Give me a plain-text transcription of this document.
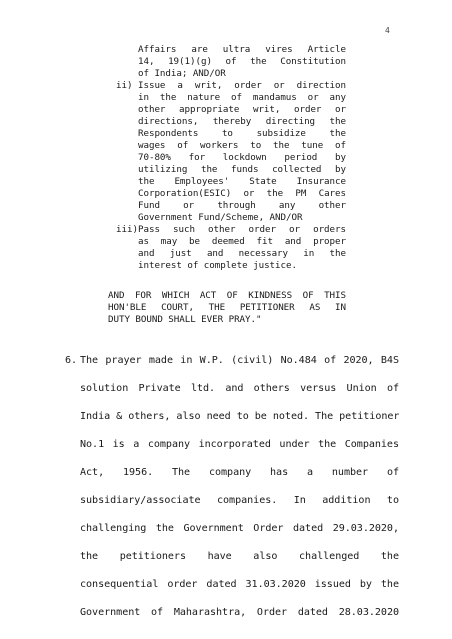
4
Affairs are ultra vires Article
14, 19(1)(g) of the Constitution
of India; AND/OR
ii) Issue a writ, order or direction
in the nature of mandamus or any
other appropriate writ, order or
directions, thereby directing the
Respondents to subsidize the
wages of workers to the tune of
70-80% for lockdown period by
utilizing the funds collected by
the Employees' State Insurance
Corporation(ESIC) or the PM Cares
Fund or through any other
Government Fund/Scheme, AND/OR
iii) Pass such other order or orders
as may be deemed fit and proper
and just and necessary in the
interest of complete justice.
AND FOR WHICH ACT OF KINDNESS OF THIS
HON'BLE COURT, THE PETITIONER AS IN
DUTY BOUND SHALL EVER PRAY."
6. The prayer made in W.P. (civil) No.484 of 2020, B4S
solution Private ltd. and others versus Union of
India & others, also need to be noted. The petitioner
No.1 is a company incorporated under the Companies
Act, 1956. The company has a number of
subsidiary/associate companies. In addition to
challenging the Government Order dated 29.03.2020,
the petitioners have also challenged the
consequential order dated 31.03.2020 issued by the
Government of Maharashtra, Order dated 28.03.2020
